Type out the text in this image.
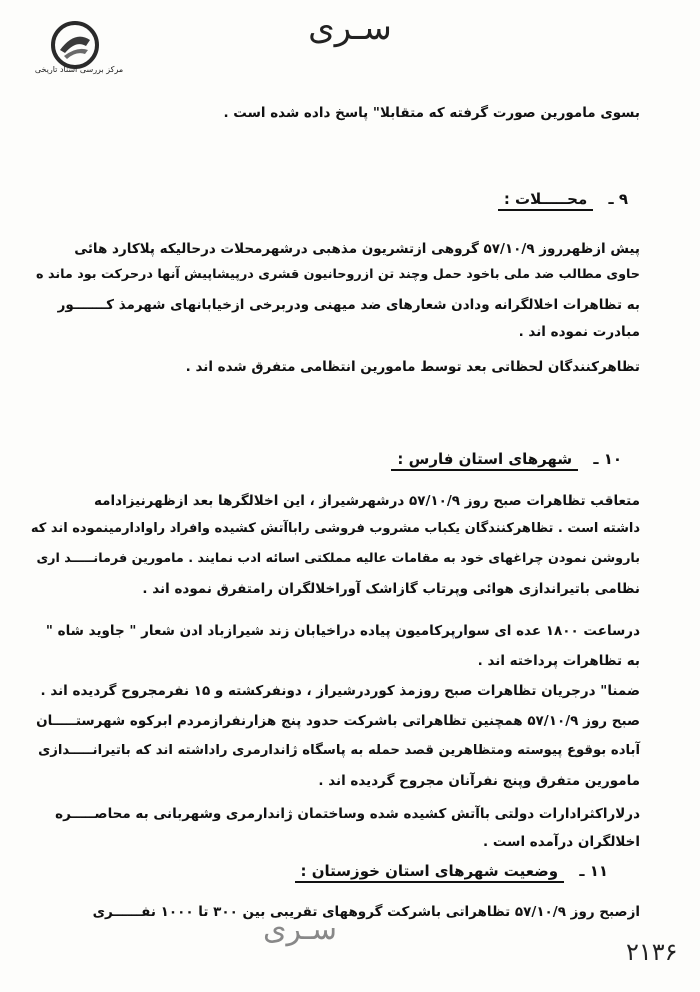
مرکز بررسی اسناد تاریخی
سـری
بسوی مامورین صورت گرفته که متقابلا" پاسخ داده شده است .
۹ ـ محـــــلات :
پیش ازظهرروز ۵۷/۱۰/۹ گروهی ازتشریون مذهبی درشهرمحلات درحالیکه پلاکارد هائی
حاوی مطالب ضد ملی باخود حمل وچند تن ازروحانیون قشری درپیشاپیش آنها درحرکت بود ماند ه
به تظاهرات اخلالگرانه ودادن شعارهای ضد میهنی ودربرخی ازخیابانهای شهرمذ کـــــــور
مبادرت نموده اند .
تظاهرکنندگان لحظاتی بعد توسط مامورین انتظامی متفرق شده اند .
۱۰ ـ شهرهای استان فارس :
متعاقب تظاهرات صبح روز ۵۷/۱۰/۹ درشهرشیراز ، این اخلالگرها بعد ازظهرنیزادامه
داشته است . تظاهرکنندگان یکباب مشروب فروشی راباآتش کشیده وافراد راوادارمینموده اند که
باروشن نمودن چراغهای خود به مقامات عالیه مملکتی اسائه ادب نمایند . مامورین فرمانـــــد اری
نظامی باتیراندازی هوائی وپرتاب گازاشک آوراخلالگران رامتفرق نموده اند .
درساعت ۱۸۰۰ عده ای سوارپرکامیون پیاده دراخیابان زند شیرازباد ادن شعار " جاوید شاه "
به تظاهرات پرداخته اند .
ضمنا" درجریان تظاهرات صبح روزمذ کوردرشیراز ، دونفرکشته و ۱۵ نفرمجروح گردیده اند .
صبح روز ۵۷/۱۰/۹ همچنین تظاهراتی باشرکت حدود پنج هزارنفرازمردم ابرکوه شهرستـــــان
آباده بوقوع پیوسته ومتظاهرین قصد حمله به پاسگاه ژاندارمری راداشته اند که باتیرانـــــدازی
مامورین متفرق وپنج نفرآنان مجروح گردیده اند .
درلاراکثرادارات دولتی باآتش کشیده شده وساختمان ژاندارمری وشهربانی به محاصـــــره
اخلالگران درآمده است .
۱۱ ـ وضعیت شهرهای استان خوزستان :
ازصبح روز ۵۷/۱۰/۹ تظاهراتی باشرکت گروههای تقریبی بین ۳۰۰ تا ۱۰۰۰ نفــــــری
سـری
۲۱۳۶
